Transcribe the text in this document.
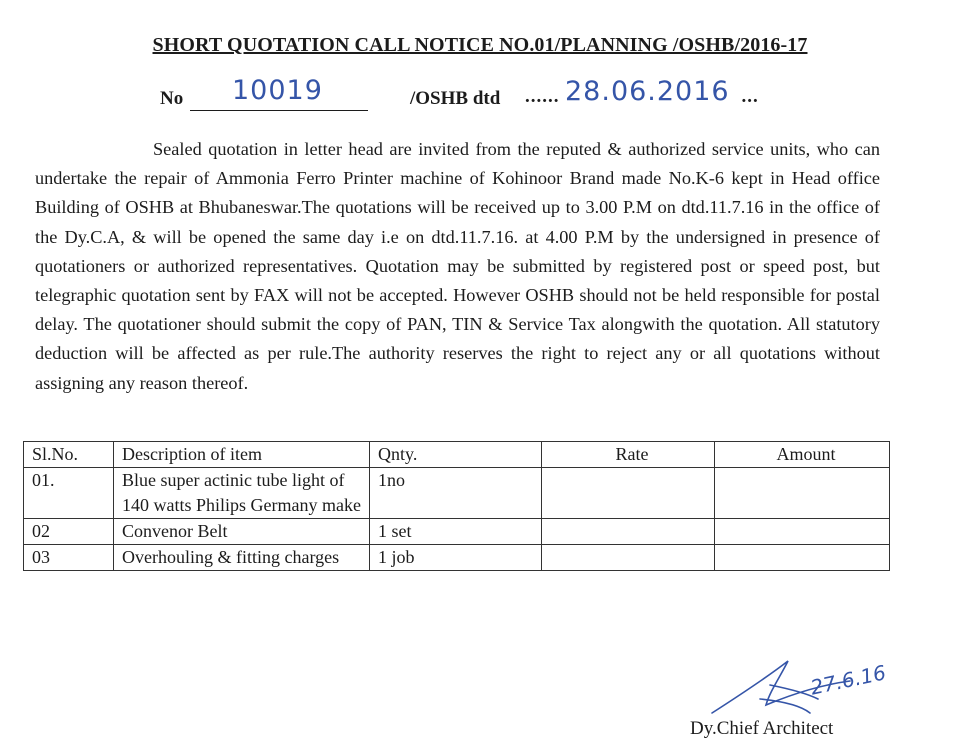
SHORT QUOTATION CALL NOTICE NO.01/PLANNING /OSHB/2016-17
No 10019	/OSHB dtd ......	...
28.06.2016

Sealed quotation in letter head are invited from the reputed & authorized service units, who can undertake the repair of Ammonia Ferro Printer machine of Kohinoor Brand made No.K-6 kept in Head office Building of OSHB at Bhubaneswar.The quotations will be received up to 3.00 P.M on dtd.11.7.16 in the office of the Dy.C.A, & will be opened the same day i.e on dtd.11.7.16. at 4.00 P.M by the undersigned in presence of quotationers or authorized representatives. Quotation may be submitted by registered post or speed post, but telegraphic quotation sent by FAX will not be accepted. However OSHB should not be held responsible for postal delay. The quotationer should submit the copy of PAN, TIN & Service Tax alongwith the quotation. All statutory deduction will be affected as per rule.The authority reserves the right to reject any or all quotations without assigning any reason thereof.

Sl.No.	Description of item	Qnty.	Rate	Amount
01.	Blue super actinic tube light of 140 watts Philips Germany make	1no		
02	Convenor Belt	1 set		
03	Overhouling & fitting charges	1 job		
27.6.16
Dy.Chief Architect
